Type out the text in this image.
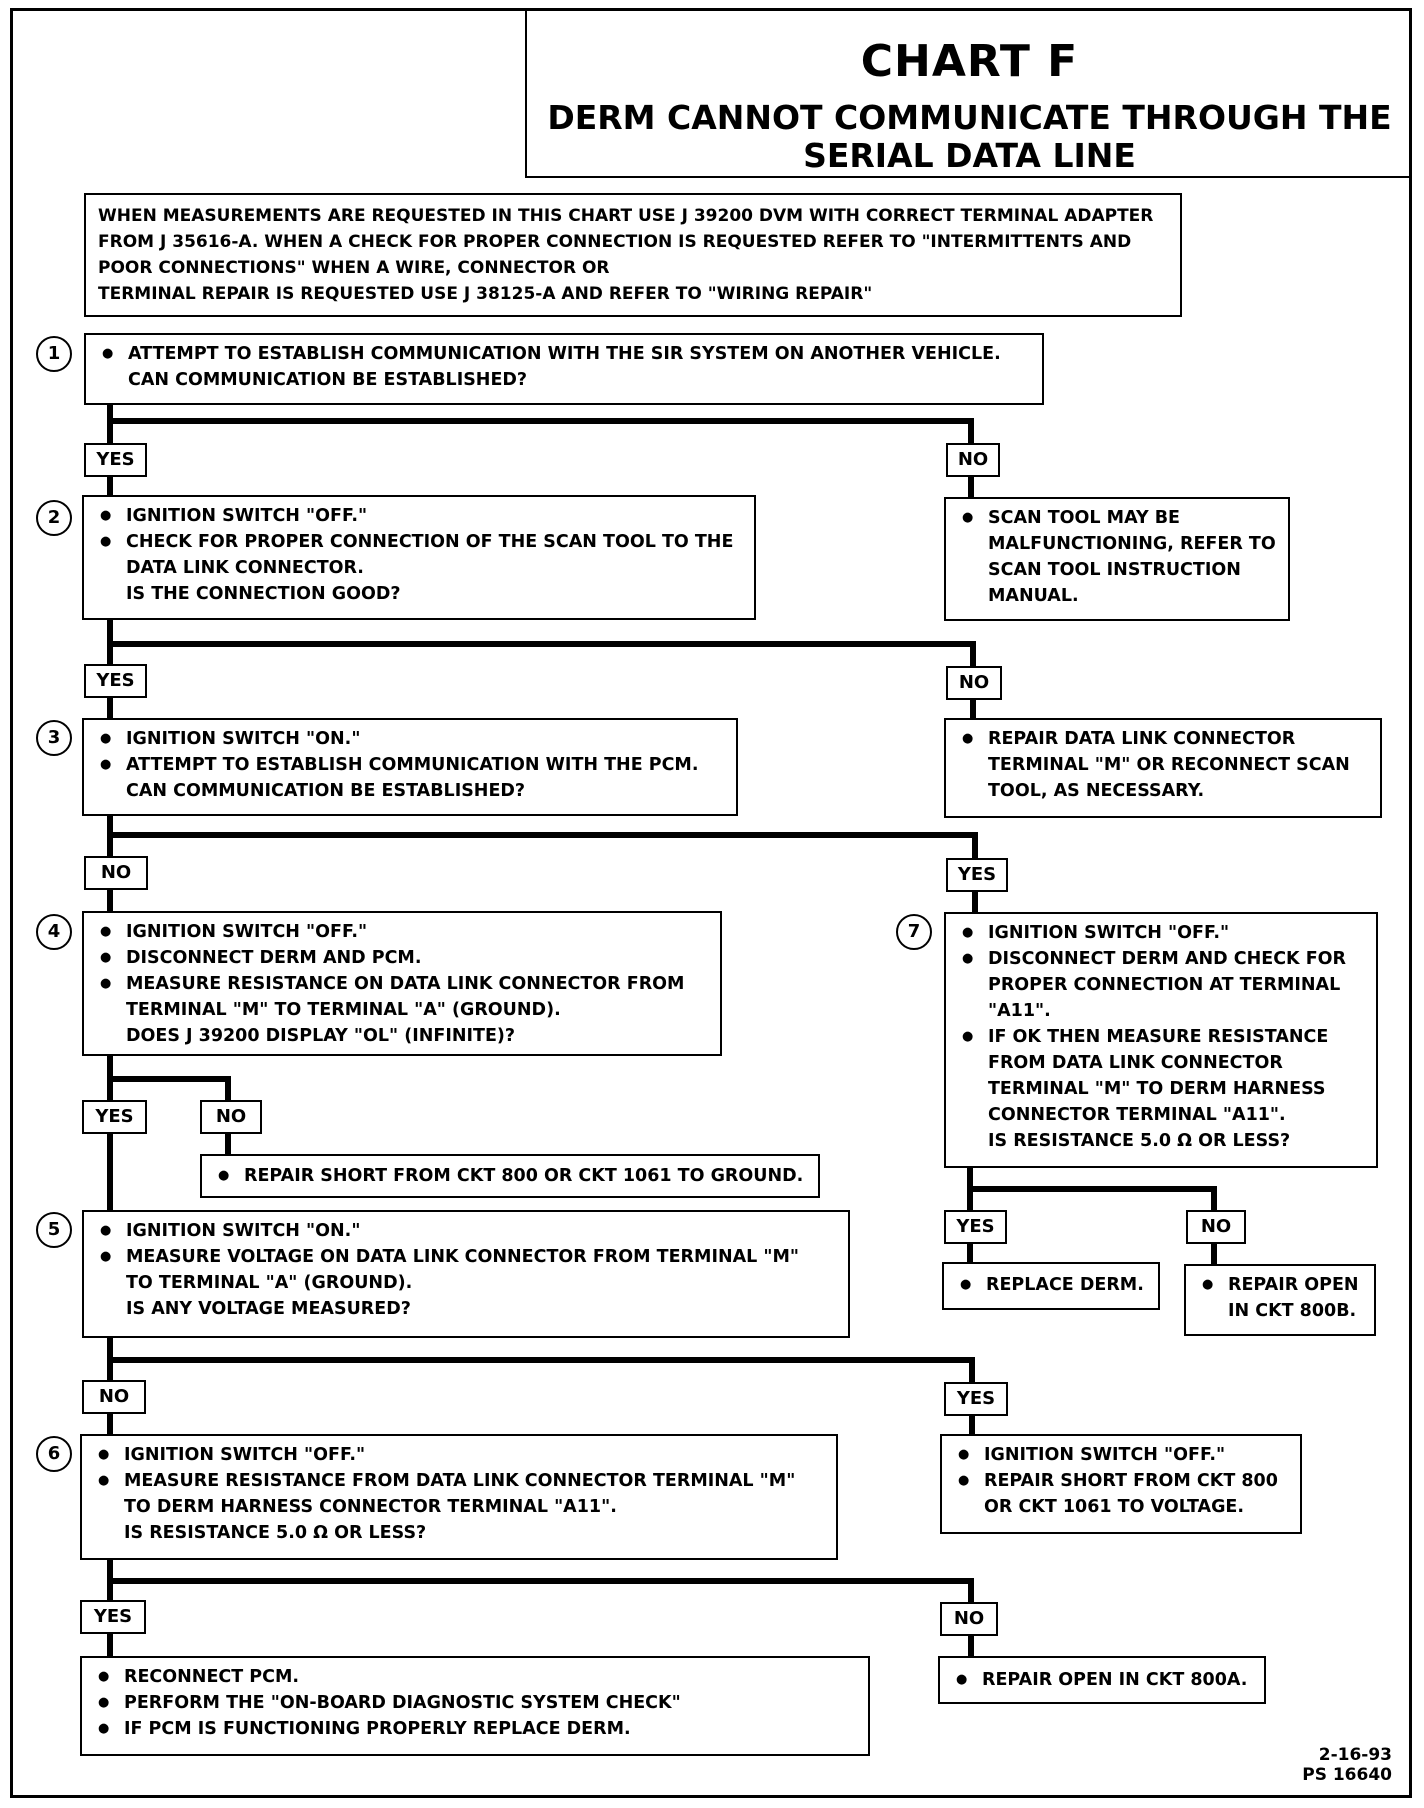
CHART F
DERM CANNOT COMMUNICATE THROUGH THE
SERIAL DATA LINE
WHEN MEASUREMENTS ARE REQUESTED IN THIS CHART USE J 39200 DVM WITH CORRECT TERMINAL ADAPTER
FROM J 35616-A. WHEN A CHECK FOR PROPER CONNECTION IS REQUESTED REFER TO "INTERMITTENTS AND
POOR CONNECTIONS" WHEN A WIRE, CONNECTOR OR
TERMINAL REPAIR IS REQUESTED USE J 38125-A AND REFER TO "WIRING REPAIR"
1	● ATTEMPT TO ESTABLISH COMMUNICATION WITH THE SIR SYSTEM ON ANOTHER VEHICLE.
CAN COMMUNICATION BE ESTABLISHED?
YES	NO
2	● IGNITION SWITCH "OFF."
● CHECK FOR PROPER CONNECTION OF THE SCAN TOOL TO THE
DATA LINK CONNECTOR.
IS THE CONNECTION GOOD?
● SCAN TOOL MAY BE
MALFUNCTIONING, REFER TO
SCAN TOOL INSTRUCTION
MANUAL.
YES	NO
3	● IGNITION SWITCH "ON."
● ATTEMPT TO ESTABLISH COMMUNICATION WITH THE PCM.
CAN COMMUNICATION BE ESTABLISHED?
● REPAIR DATA LINK CONNECTOR
TERMINAL "M" OR RECONNECT SCAN
TOOL, AS NECESSARY.
NO	YES
4	● IGNITION SWITCH "OFF."
● DISCONNECT DERM AND PCM.
● MEASURE RESISTANCE ON DATA LINK CONNECTOR FROM
TERMINAL "M" TO TERMINAL "A" (GROUND).
DOES J 39200 DISPLAY "OL" (INFINITE)?
YES	NO
● REPAIR SHORT FROM CKT 800 OR CKT 1061 TO GROUND.
7	● IGNITION SWITCH "OFF."
● DISCONNECT DERM AND CHECK FOR
PROPER CONNECTION AT TERMINAL
"A11".
● IF OK THEN MEASURE RESISTANCE
FROM DATA LINK CONNECTOR
TERMINAL "M" TO DERM HARNESS
CONNECTOR TERMINAL "A11".
IS RESISTANCE 5.0 Ω OR LESS?
YES	NO
● REPLACE DERM.	● REPAIR OPEN
IN CKT 800B.
5	● IGNITION SWITCH "ON."
● MEASURE VOLTAGE ON DATA LINK CONNECTOR FROM TERMINAL "M"
TO TERMINAL "A" (GROUND).
IS ANY VOLTAGE MEASURED?
NO	YES
● IGNITION SWITCH "OFF."
● REPAIR SHORT FROM CKT 800
OR CKT 1061 TO VOLTAGE.
6	● IGNITION SWITCH "OFF."
● MEASURE RESISTANCE FROM DATA LINK CONNECTOR TERMINAL "M"
TO DERM HARNESS CONNECTOR TERMINAL "A11".
IS RESISTANCE 5.0 Ω OR LESS?
YES	NO
● RECONNECT PCM.
● PERFORM THE "ON-BOARD DIAGNOSTIC SYSTEM CHECK"
● IF PCM IS FUNCTIONING PROPERLY REPLACE DERM.
● REPAIR OPEN IN CKT 800A.
2-16-93
PS 16640
